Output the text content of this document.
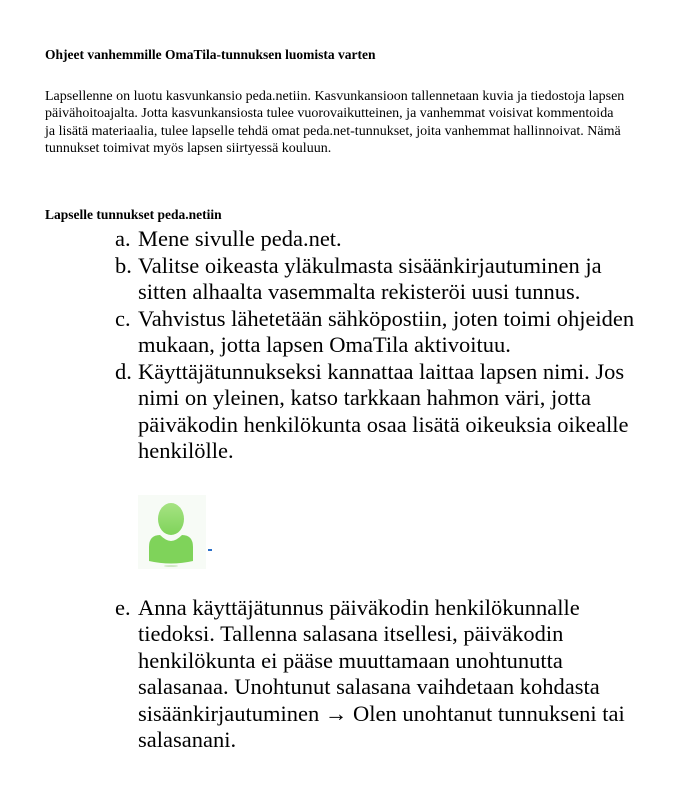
Ohjeet vanhemmille OmaTila-tunnuksen luomista varten

Lapsellenne on luotu kasvunkansio peda.netiin. Kasvunkansioon tallennetaan kuvia ja tiedostoja lapsen päivähoitoajalta. Jotta kasvunkansiosta tulee vuorovaikutteinen, ja vanhemmat voisivat kommentoida ja lisätä materiaalia, tulee lapselle tehdä omat peda.net-tunnukset, joita vanhemmat hallinnoivat. Nämä tunnukset toimivat myös lapsen siirtyessä kouluun.

Lapselle tunnukset peda.netiin
a. Mene sivulle peda.net.
b. Valitse oikeasta yläkulmasta sisäänkirjautuminen ja sitten alhaalta vasemmalta rekisteröi uusi tunnus.
c. Vahvistus lähetetään sähköpostiin, joten toimi ohjeiden mukaan, jotta lapsen OmaTila aktivoituu.
d. Käyttäjätunnukseksi kannattaa laittaa lapsen nimi. Jos nimi on yleinen, katso tarkkaan hahmon väri, jotta päiväkodin henkilökunta osaa lisätä oikeuksia oikealle henkilölle.
e. Anna käyttäjätunnus päiväkodin henkilökunnalle tiedoksi. Tallenna salasana itsellesi, päiväkodin henkilökunta ei pääse muuttamaan unohtunutta salasanaa. Unohtunut salasana vaihdetaan kohdasta sisäänkirjautuminen → Olen unohtanut tunnukseni tai salasanani.
